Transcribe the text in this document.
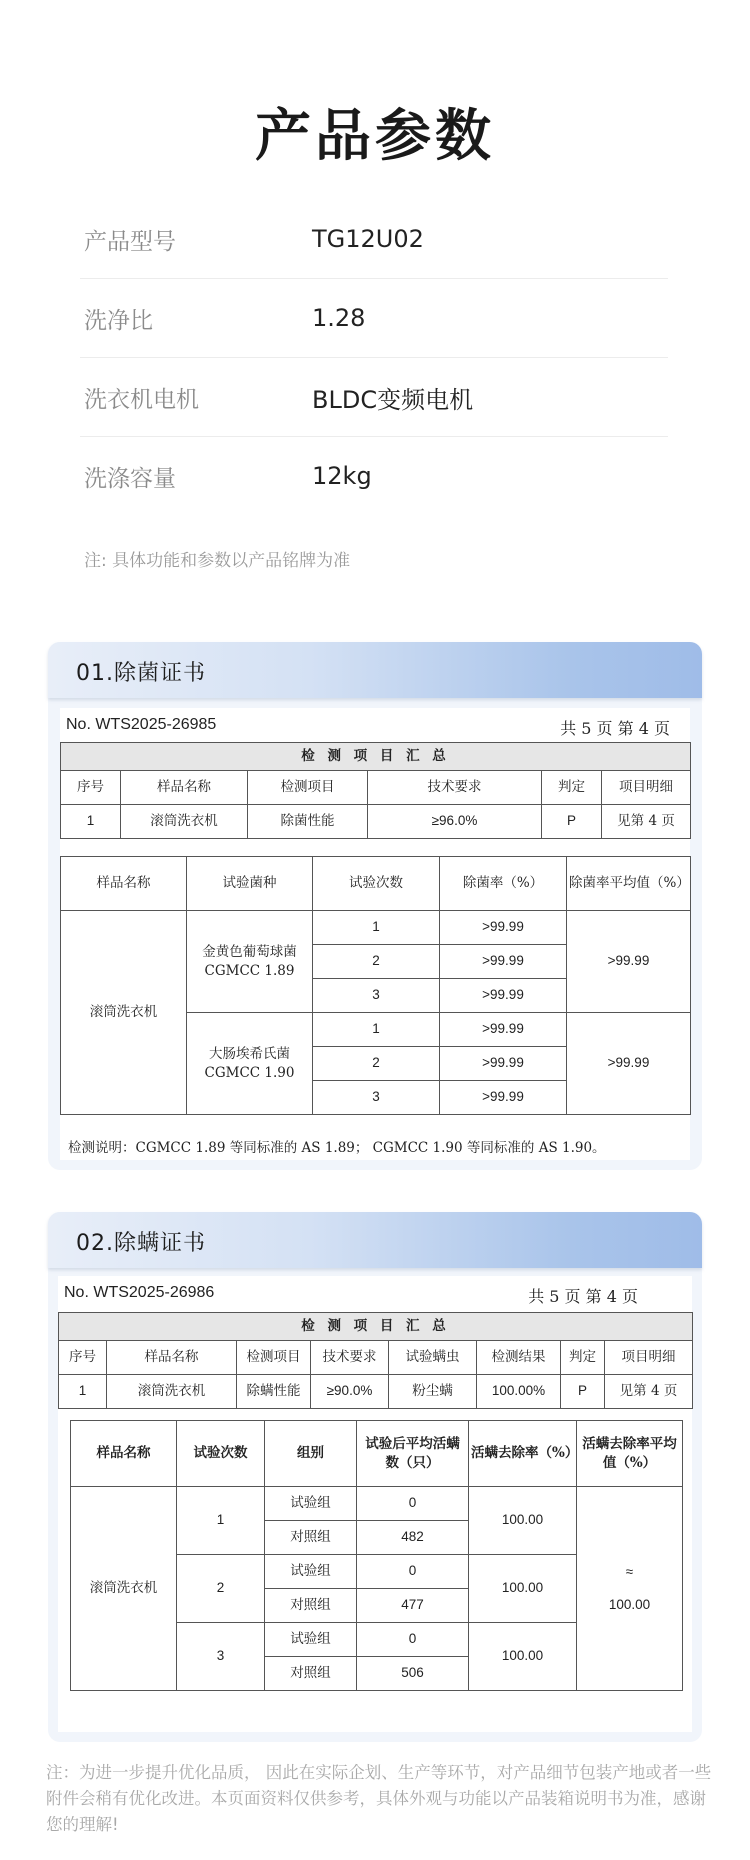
产品参数
产品型号	TG12U02
洗净比	1.28
洗衣机电机	BLDC变频电机
洗涤容量	12kg
注: 具体功能和参数以产品铭牌为准
01.除菌证书
No. WTS2025-26985	共 5 页 第 4 页
检 测 项 目 汇 总					
序号	样品名称	检测项目	技术要求	判定	项目明细
1	滚筒洗衣机	除菌性能	≥96.0%	P	见第 4 页
样品名称	试验菌种	试验次数	除菌率（%）	除菌率平均值（%）
滚筒洗衣机	金黄色葡萄球菌 CGMCC 1.89	1	>99.99	>99.99
		2	>99.99	
		3	>99.99	
	大肠埃希氏菌 CGMCC 1.90	1	>99.99	>99.99
		2	>99.99	
		3	>99.99	
检测说明：CGMCC 1.89 等同标准的 AS 1.89； CGMCC 1.90 等同标准的 AS 1.90。
02.除螨证书
No. WTS2025-26986	共 5 页 第 4 页
检 测 项 目 汇 总							
序号	样品名称	检测项目	技术要求	试验螨虫	检测结果	判定	项目明细
1	滚筒洗衣机	除螨性能	≥90.0%	粉尘螨	100.00%	P	见第 4 页
样品名称	试验次数	组别	试验后平均活螨数（只）	活螨去除率（%）	活螨去除率平均值（%）
滚筒洗衣机	1	试验组	0	100.00	≈
100.00

		对照组	482		
	2	试验组	0	100.00	
		对照组	477		
	3	试验组	0	100.00	
		对照组	506		
注：为进一步提升优化品质， 因此在实际企划、生产等环节，对产品细节包装产地或者一些附件会稍有优化改进。本页面资料仅供参考，具体外观与功能以产品装箱说明书为准，感谢您的理解!
